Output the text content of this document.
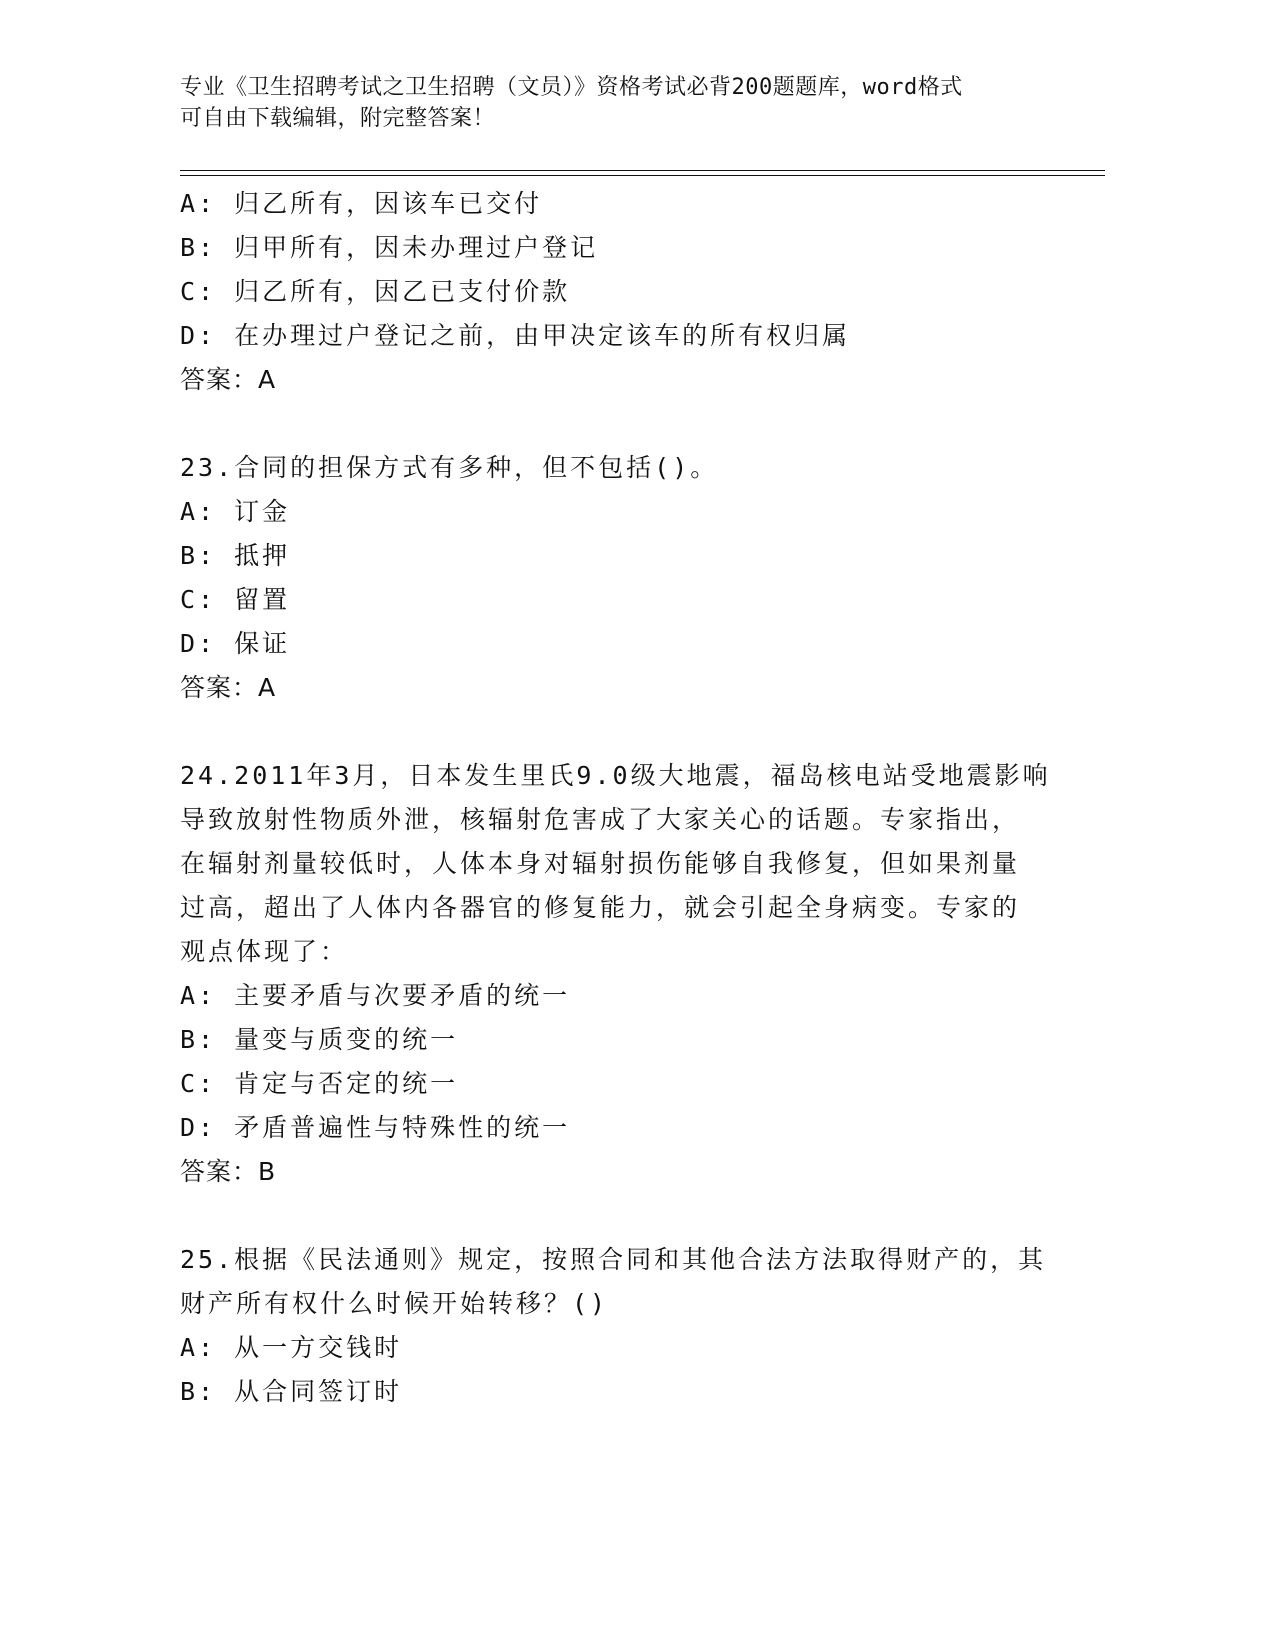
专业《卫生招聘考试之卫生招聘（文员）》资格考试必背200题题库，word格式
可自由下载编辑，附完整答案！
A: 归乙所有，因该车已交付
B: 归甲所有，因未办理过户登记
C: 归乙所有，因乙已支付价款
D: 在办理过户登记之前，由甲决定该车的所有权归属
答案：A
23.合同的担保方式有多种，但不包括()。
A: 订金
B: 抵押
C: 留置
D: 保证
答案：A
24.2011年3月，日本发生里氏9.0级大地震，福岛核电站受地震影响
导致放射性物质外泄，核辐射危害成了大家关心的话题。专家指出，
在辐射剂量较低时，人体本身对辐射损伤能够自我修复，但如果剂量
过高，超出了人体内各器官的修复能力，就会引起全身病变。专家的
观点体现了：
A: 主要矛盾与次要矛盾的统一
B: 量变与质变的统一
C: 肯定与否定的统一
D: 矛盾普遍性与特殊性的统一
答案：B
25.根据《民法通则》规定，按照合同和其他合法方法取得财产的，其
财产所有权什么时候开始转移？()
A: 从一方交钱时
B: 从合同签订时
